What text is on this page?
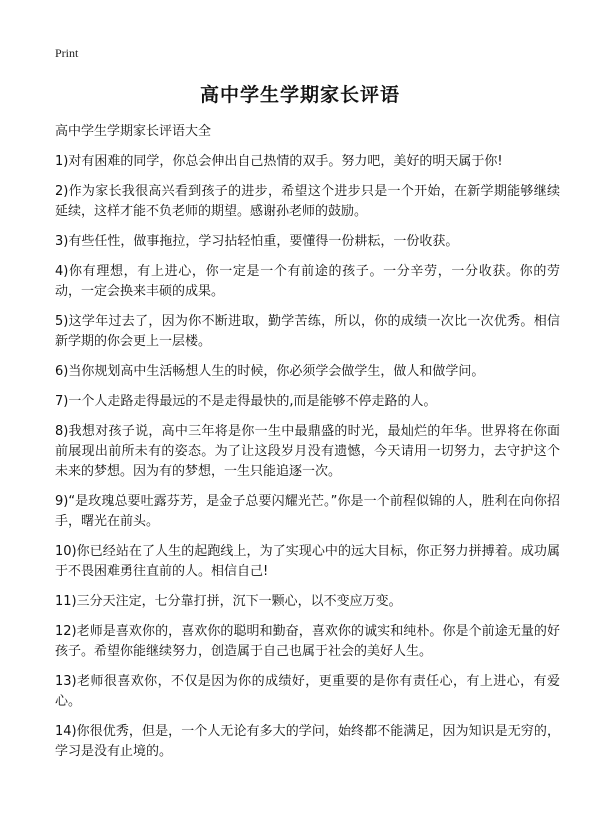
Print
高中学生学期家长评语
高中学生学期家长评语大全
1)对有困难的同学，你总会伸出自己热情的双手。努力吧，美好的明天属于你!
2)作为家长我很高兴看到孩子的进步，希望这个进步只是一个开始，在新学期能够继续延续，这样才能不负老师的期望。感谢孙老师的鼓励。
3)有些任性，做事拖拉，学习拈轻怕重，要懂得一份耕耘，一份收获。
4)你有理想，有上进心，你一定是一个有前途的孩子。一分辛劳，一分收获。你的劳动，一定会换来丰硕的成果。
5)这学年过去了，因为你不断进取，勤学苦练，所以，你的成绩一次比一次优秀。相信新学期的你会更上一层楼。
6)当你规划高中生活畅想人生的时候，你必须学会做学生，做人和做学问。
7)一个人走路走得最远的不是走得最快的,而是能够不停走路的人。
8)我想对孩子说，高中三年将是你一生中最鼎盛的时光，最灿烂的年华。世界将在你面前展现出前所未有的姿态。为了让这段岁月没有遗憾，今天请用一切努力，去守护这个未来的梦想。因为有的梦想，一生只能追逐一次。
9)“是玫瑰总要吐露芬芳，是金子总要闪耀光芒。”你是一个前程似锦的人，胜利在向你招手，曙光在前头。
10)你已经站在了人生的起跑线上，为了实现心中的远大目标，你正努力拼搏着。成功属于不畏困难勇往直前的人。相信自己!
11)三分天注定，七分靠打拼，沉下一颗心，以不变应万变。
12)老师是喜欢你的，喜欢你的聪明和勤奋，喜欢你的诚实和纯朴。你是个前途无量的好孩子。希望你能继续努力，创造属于自己也属于社会的美好人生。
13)老师很喜欢你，不仅是因为你的成绩好，更重要的是你有责任心，有上进心，有爱心。
14)你很优秀，但是，一个人无论有多大的学问，始终都不能满足，因为知识是无穷的，学习是没有止境的。
